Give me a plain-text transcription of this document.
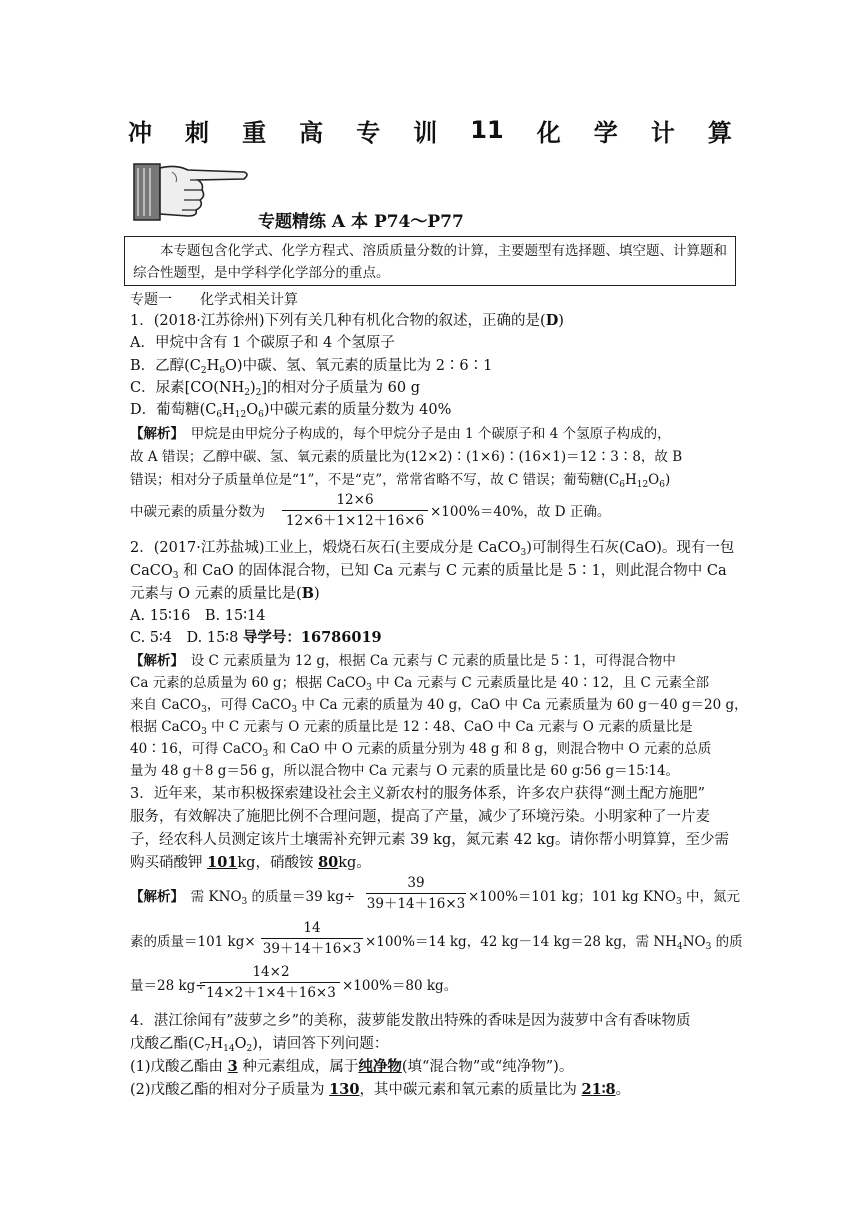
冲 刺 重 高 专 训 11 化 学 计 算
专题精练 A 本 P74～P77
本专题包含化学式、化学方程式、溶质质量分数的计算，主要题型有选择题、填空题、计算题和综合性题型，是中学科学化学部分的重点。
专题一　　化学式相关计算
1．(2018·江苏徐州)下列有关几种有机化合物的叙述，正确的是(D)
A．甲烷中含有 1 个碳原子和 4 个氢原子
B．乙醇$(C_2H_6O)$中碳、氢、氧元素的质量比为 2∶6∶1
C．尿素$[CO(NH_2)_2]$的相对分子质量为 60 g
D．葡萄糖$(C_6H_{12}O_6)$中碳元素的质量分数为 40%
【解析】　甲烷是由甲烷分子构成的，每个甲烷分子是由 1 个碳原子和 4 个氢原子构成的，
故 A 错误；乙醇中碳、氢、氧元素的质量比为(12×2)∶(1×6)∶(16×1)＝12∶3∶8，故 B
错误；相对分子质量单位是“1”，不是“克”，常常省略不写，故 C 错误；葡萄糖$(C_6H_{12}O_6)$
中碳元素的质量分数为 $\frac{12\times 6}{12\times 6+1\times 12+16\times 6} \times 100\%=40\%$，故 D 正确。
2．(2017·江苏盐城)工业上，煅烧石灰石(主要成分是 CaCO$_3$)可制得生石灰(CaO)。现有一包
CaCO$_3$ 和 CaO 的固体混合物，已知 Ca 元素与 C 元素的质量比是 5∶1，则此混合物中 Ca
元素与 O 元素的质量比是(B)
A. 15∶16　B. 15∶14
C. 5∶4　D. 15∶8 导学号：16786019
【解析】　设 C 元素质量为 12 g，根据 Ca 元素与 C 元素的质量比是 5∶1，可得混合物中
Ca 元素的总质量为 60 g；根据 CaCO$_3$ 中 Ca 元素与 C 元素质量比是 40∶12，且 C 元素全部
来自 CaCO$_3$，可得 CaCO$_3$ 中 Ca 元素的质量为 40 g，CaO 中 Ca 元素质量为 60 g－40 g＝20 g，
根据 CaCO$_3$ 中 C 元素与 O 元素的质量比是 12∶48、CaO 中 Ca 元素与 O 元素的质量比是
40∶16，可得 CaCO$_3$ 和 CaO 中 O 元素的质量分别为 48 g 和 8 g，则混合物中 O 元素的总质
量为 48 g＋8 g＝56 g，所以混合物中 Ca 元素与 O 元素的质量比是 60 g∶56 g＝15∶14。
3．近年来，某市积极探索建设社会主义新农村的服务体系，许多农户获得“测土配方施肥”
服务，有效解决了施肥比例不合理问题，提高了产量，减少了环境污染。小明家种了一片麦
子，经农科人员测定该片土壤需补充钾元素 39 kg，氮元素 42 kg。请你帮小明算算，至少需
购买硝酸钾 101kg，硝酸铵 80kg。
【解析】　需 $KNO_3$ 的质量＝39 $kg\div \frac{39}{39+14+16\times 3} \times 100\%=101$ kg；101 kg $KNO_3$ 中，氮元
素的质量＝101 $kg\times \frac{14}{39+14+16\times 3} \times 100\%=14$ kg，42 kg－14 kg＝28 kg，需 $NH_4NO_3$ 的质
量＝28 kg÷
$\frac{14\times 2}{14\times 2+1\times 4+16\times 3} \times 100\%=80$ kg。
4．湛江徐闻有”菠萝之乡”的美称，菠萝能发散出特殊的香味是因为菠萝中含有香味物质
戊酸乙酯$(C_7H_{14}O_2)$，请回答下列问题：
(1)戊酸乙酯由 3 种元素组成，属于纯净物(填“混合物”或“纯净物”)。
(2)戊酸乙酯的相对分子质量为 130，其中碳元素和氧元素的质量比为 21∶8。
